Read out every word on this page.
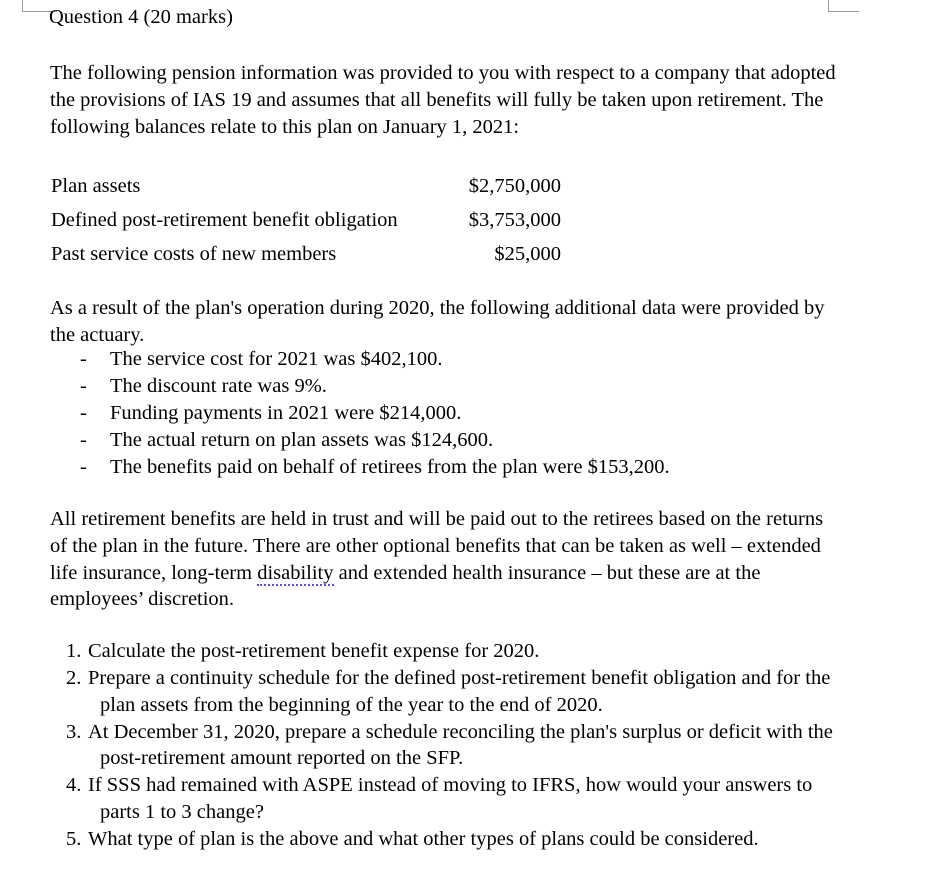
Question 4 (20 marks)
The following pension information was provided to you with respect to a company that adopted the provisions of IAS 19 and assumes that all benefits will fully be taken upon retirement. The following balances relate to this plan on January 1, 2021:
Plan assets	$2,750,000
Defined post-retirement benefit obligation	$3,753,000
Past service costs of new members	$25,000
As a result of the plan's operation during 2020, the following additional data were provided by the actuary.
- The service cost for 2021 was $402,100.
- The discount rate was 9%.
- Funding payments in 2021 were $214,000.
- The actual return on plan assets was $124,600.
- The benefits paid on behalf of retirees from the plan were $153,200.
All retirement benefits are held in trust and will be paid out to the retirees based on the returns of the plan in the future. There are other optional benefits that can be taken as well – extended life insurance, long-term disability and extended health insurance – but these are at the employees’ discretion.
1. Calculate the post-retirement benefit expense for 2020.
2. Prepare a continuity schedule for the defined post-retirement benefit obligation and for the
plan assets from the beginning of the year to the end of 2020.
3. At December 31, 2020, prepare a schedule reconciling the plan's surplus or deficit with the
post-retirement amount reported on the SFP.
4. If SSS had remained with ASPE instead of moving to IFRS, how would your answers to
parts 1 to 3 change?
5. What type of plan is the above and what other types of plans could be considered.
